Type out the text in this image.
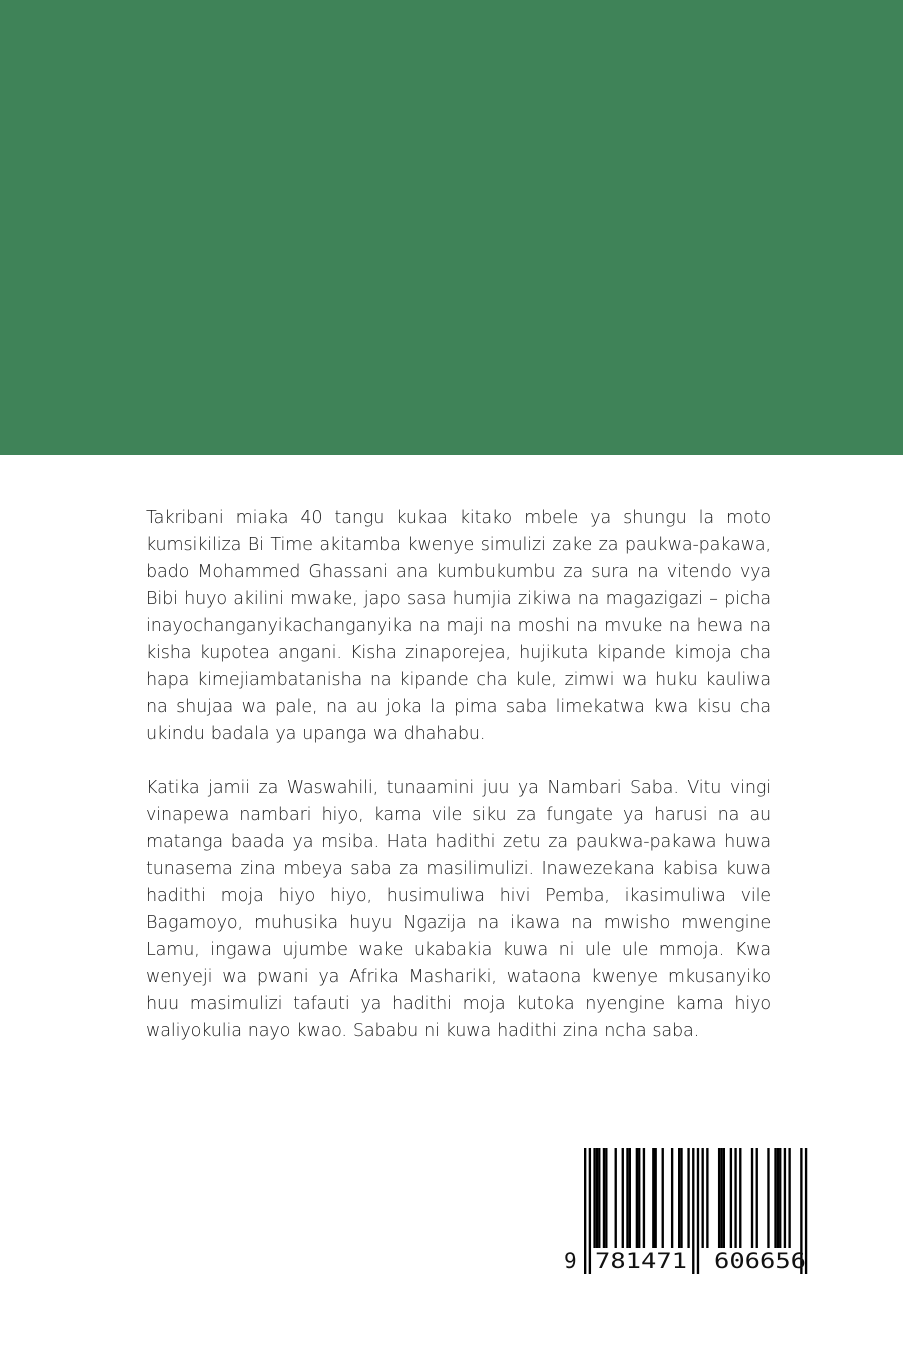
Takribani miaka 40 tangu kukaa kitako mbele ya shungu la moto kumsikiliza Bi Time akitamba kwenye simulizi zake za paukwa-pakawa, bado Mohammed Ghassani ana kumbukumbu za sura na vitendo vya Bibi huyo akilini mwake, japo sasa humjia zikiwa na magazigazi – picha inayochanganyikachanganyika na maji na moshi na mvuke na hewa na kisha kupotea angani. Kisha zinaporejea, hujikuta kipande kimoja cha hapa kimejiambatanisha na kipande cha kule, zimwi wa huku kauliwa na shujaa wa pale, na au joka la pima saba limekatwa kwa kisu cha ukindu badala ya upanga wa dhahabu.

Katika jamii za Waswahili, tunaamini juu ya Nambari Saba. Vitu vingi vinapewa nambari hiyo, kama vile siku za fungate ya harusi na au matanga baada ya msiba. Hata hadithi zetu za paukwa-pakawa huwa tunasema zina mbeya saba za masilimulizi. Inawezekana kabisa kuwa hadithi moja hiyo hiyo, husimuliwa hivi Pemba, ikasimuliwa vile Bagamoyo, muhusika huyu Ngazija na ikawa na mwisho mwengine Lamu, ingawa ujumbe wake ukabakia kuwa ni ule ule mmoja. Kwa wenyeji wa pwani ya Afrika Mashariki, wataona kwenye mkusanyiko huu masimulizi tafauti ya hadithi moja kutoka nyengine kama hiyo waliyokulia nayo kwao. Sababu ni kuwa hadithi zina ncha saba.

9 781471 606656
